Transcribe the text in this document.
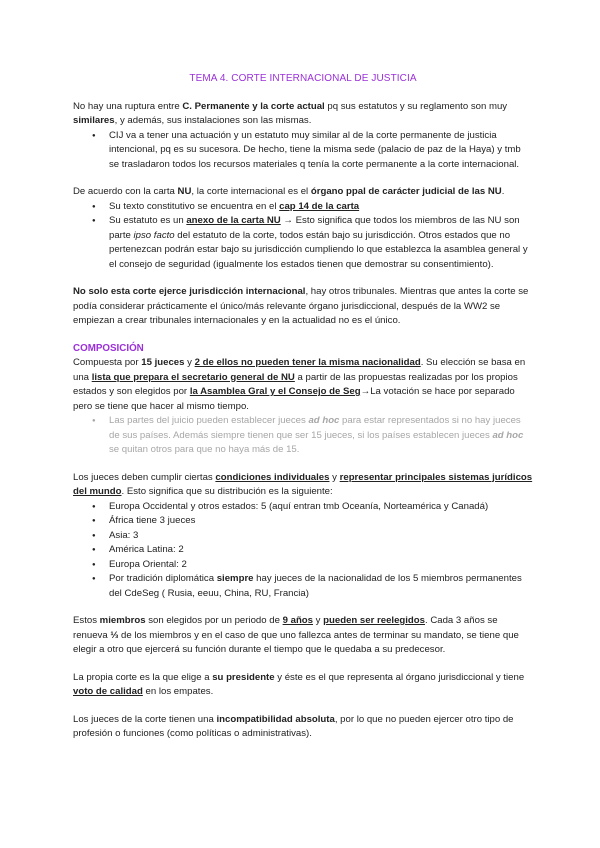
TEMA 4. CORTE INTERNACIONAL DE JUSTICIA

No hay una ruptura entre C. Permanente y la corte actual pq sus estatutos y su reglamento son muy similares, y además, sus instalaciones son las mismas.

● CIJ va a tener una actuación y un estatuto muy similar al de la corte permanente de justicia intencional, pq es su sucesora. De hecho, tiene la misma sede (palacio de paz de la Haya) y tmb se trasladaron todos los recursos materiales q tenía la corte permanente a la corte internacional.

De acuerdo con la carta NU, la corte internacional es el órgano ppal de carácter judicial de las NU.

● Su texto constitutivo se encuentra en el cap 14 de la carta
● Su estatuto es un anexo de la carta NU → Esto significa que todos los miembros de las NU son parte ipso facto del estatuto de la corte, todos están bajo su jurisdicción. Otros estados que no pertenezcan podrán estar bajo su jurisdicción cumpliendo lo que establezca la asamblea general y el consejo de seguridad (igualmente los estados tienen que demostrar su consentimiento).

No solo esta corte ejerce jurisdicción internacional, hay otros tribunales. Mientras que antes la corte se podía considerar prácticamente el único/más relevante órgano jurisdiccional, después de la WW2 se empiezan a crear tribunales internacionales y en la actualidad no es el único.

COMPOSICIÓN

Compuesta por 15 jueces y 2 de ellos no pueden tener la misma nacionalidad. Su elección se basa en una lista que prepara el secretario general de NU a partir de las propuestas realizadas por los propios estados y son elegidos por la Asamblea Gral y el Consejo de Seg→La votación se hace por separado pero se tiene que hacer al mismo tiempo.

● Las partes del juicio pueden establecer jueces ad hoc para estar representados si no hay jueces de sus países. Además siempre tienen que ser 15 jueces, si los países establecen jueces ad hoc se quitan otros para que no haya más de 15.

Los jueces deben cumplir ciertas condiciones individuales y representar principales sistemas jurídicos del mundo. Esto significa que su distribución es la siguiente:

● Europa Occidental y otros estados: 5 (aquí entran tmb Oceanía, Norteamérica y Canadá)
● África tiene 3 jueces
● Asia: 3
● América Latina: 2
● Europa Oriental: 2
● Por tradición diplomática siempre hay jueces de la nacionalidad de los 5 miembros permanentes del CdeSeg ( Rusia, eeuu, China, RU, Francia)

Estos miembros son elegidos por un periodo de 9 años y pueden ser reelegidos. Cada 3 años se renueva ⅓ de los miembros y en el caso de que uno fallezca antes de terminar su mandato, se tiene que elegir a otro que ejercerá su función durante el tiempo que le quedaba a su predecesor.

La propia corte es la que elige a su presidente y éste es el que representa al órgano jurisdiccional y tiene voto de calidad en los empates.

Los jueces de la corte tienen una incompatibilidad absoluta, por lo que no pueden ejercer otro tipo de profesión o funciones (como políticas o administrativas).
